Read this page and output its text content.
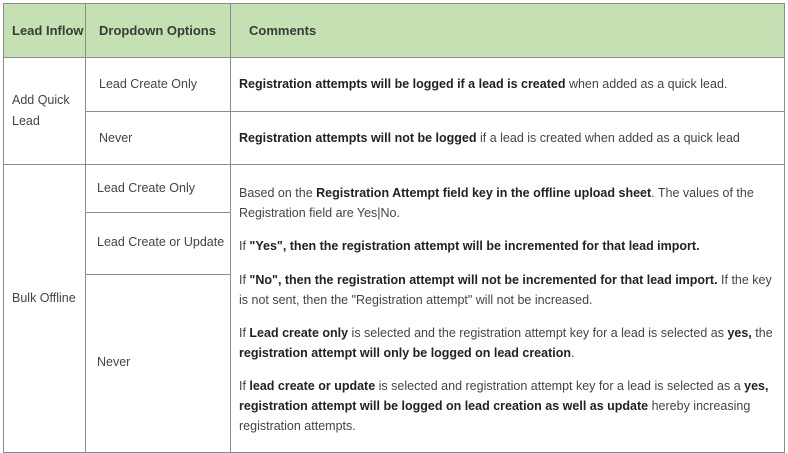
Lead Inflow Dropdown Options	Comments
Add Quick Lead
Lead Create Only
Never
Registration attempts will be logged if a lead is created when added as a quick lead.
Registration attempts will not be logged if a lead is created when added as a quick lead
Bulk Offline
Lead Create Only
Lead Create or Update
Never
Based on the Registration Attempt field key in the offline upload sheet. The values of the Registration field are Yes|No.
If "Yes", then the registration attempt will be incremented for that lead import.
If "No", then the registration attempt will not be incremented for that lead import. If the key is not sent, then the "Registration attempt" will not be increased.
If Lead create only is selected and the registration attempt key for a lead is selected as yes, the registration attempt will only be logged on lead creation.
If lead create or update is selected and registration attempt key for a lead is selected as a yes, registration attempt will be logged on lead creation as well as update hereby increasing registration attempts.
